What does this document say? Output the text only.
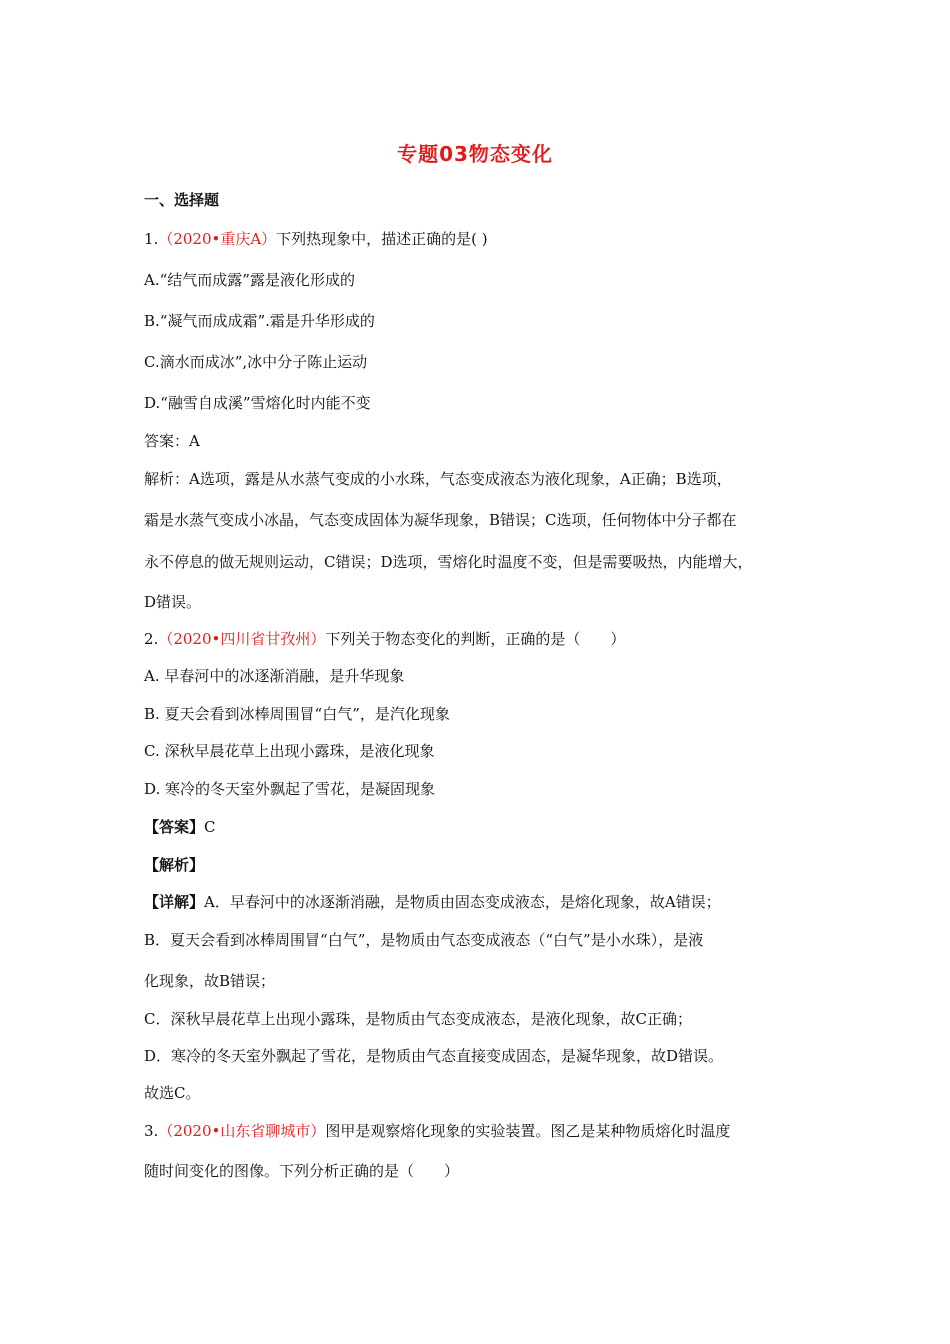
专题03物态变化
一、选择题
1.（2020•重庆A）下列热现象中，描述正确的是( )
A.“结气而成露”露是液化形成的
B.“凝气而成成霜”.霜是升华形成的
C.滴水而成冰”,冰中分子陈止运动
D.“融雪自成溪”雪熔化时内能不变
答案：A
解析：A选项，露是从水蒸气变成的小水珠，气态变成液态为液化现象，A正确；B选项，
霜是水蒸气变成小冰晶，气态变成固体为凝华现象，B错误；C选项，任何物体中分子都在
永不停息的做无规则运动，C错误；D选项，雪熔化时温度不变，但是需要吸热，内能增大，
D错误。
2.（2020•四川省甘孜州）下列关于物态变化的判断，正确的是（　　）
A. 早春河中的冰逐渐消融，是升华现象
B. 夏天会看到冰棒周围冒“白气”，是汽化现象
C. 深秋早晨花草上出现小露珠，是液化现象
D. 寒冷的冬天室外飘起了雪花，是凝固现象
【答案】C
【解析】
【详解】A．早春河中的冰逐渐消融，是物质由固态变成液态，是熔化现象，故A错误；
B．夏天会看到冰棒周围冒“白气”，是物质由气态变成液态（“白气”是小水珠），是液
化现象，故B错误；
C．深秋早晨花草上出现小露珠，是物质由气态变成液态，是液化现象，故C正确；
D．寒冷的冬天室外飘起了雪花，是物质由气态直接变成固态，是凝华现象，故D错误。
故选C。
3.（2020•山东省聊城市）图甲是观察熔化现象的实验装置。图乙是某种物质熔化时温度
随时间变化的图像。下列分析正确的是（　　）
